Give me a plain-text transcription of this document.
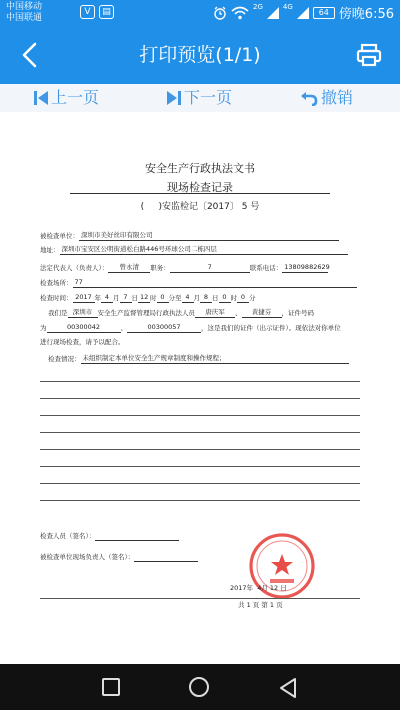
中国移动
中国联通
Ⅴ	▤	2G	4G
64 傍晚6:56
打印预览(1/1)
上一页	下一页	撤销
安全生产行政执法文书
现场检查记录
( )安监检记〔2017〕 5 号
被检查单位： 深圳市美好丝印有限公司
地址： 深圳市宝安区公明街道松白路446号环球公司二栋四层
法定代表人（负责人）： 曾永清 职务：	7	联系电话： 13809882629
检查场所： 77
检查时间： 2017 年 4 月 7 日 12 时 0 分至 4 月 8 日 0 时 0 分
我们是 深圳市 安全生产监督管理局行政执法人员 唐庆军 、 黄捷芬 ，证件号码
为	00300042	、	00300057	，这是我们的证件（出示证件）。现依法对你单位
进行现场检查，请予以配合。
检查情况： 未组织制定本单位安全生产规章制度和操作规程；
检查人员（签名）：
被检查单位现场负责人（签名）：
2017年 4月 12 日
共 1 页 第 1 页
